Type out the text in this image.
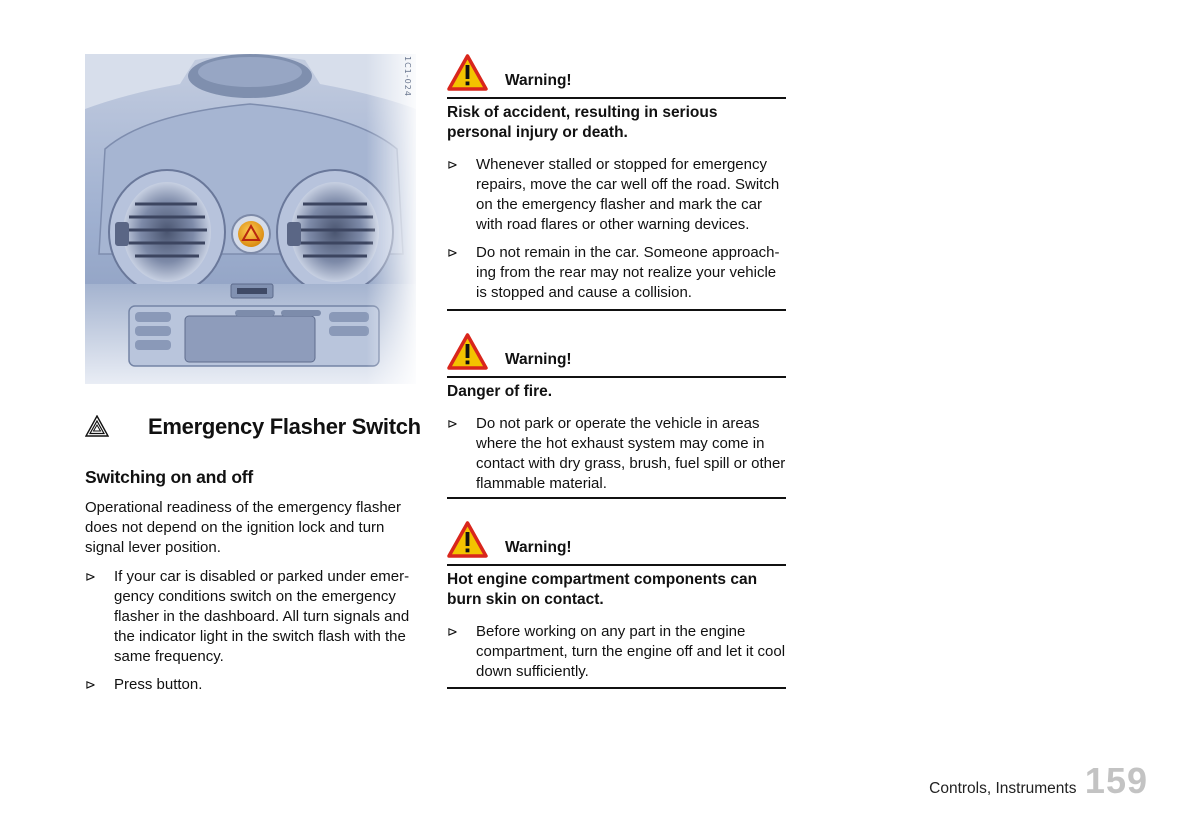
1C1-024
Emergency Flasher Switch
Switching on and off
Operational readiness of the emergency flasher does not depend on the ignition lock and turn signal lever position.
⊳ If your car is disabled or parked under emergency conditions switch on the emergency flasher in the dashboard. All turn signals and the indicator light in the switch flash with the same frequency.
⊳ Press button.
Warning!
Risk of accident, resulting in serious personal injury or death.
⊳ Whenever stalled or stopped for emergency repairs, move the car well off the road. Switch on the emergency flasher and mark the car with road flares or other warning devices.
⊳ Do not remain in the car. Someone approaching from the rear may not realize your vehicle is stopped and cause a collision.
Warning!
Danger of fire.
⊳ Do not park or operate the vehicle in areas where the hot exhaust system may come in contact with dry grass, brush, fuel spill or other flammable material.
Warning!
Hot engine compartment components can burn skin on contact.
⊳ Before working on any part in the engine compartment, turn the engine off and let it cool down sufficiently.
Controls, Instruments 159
